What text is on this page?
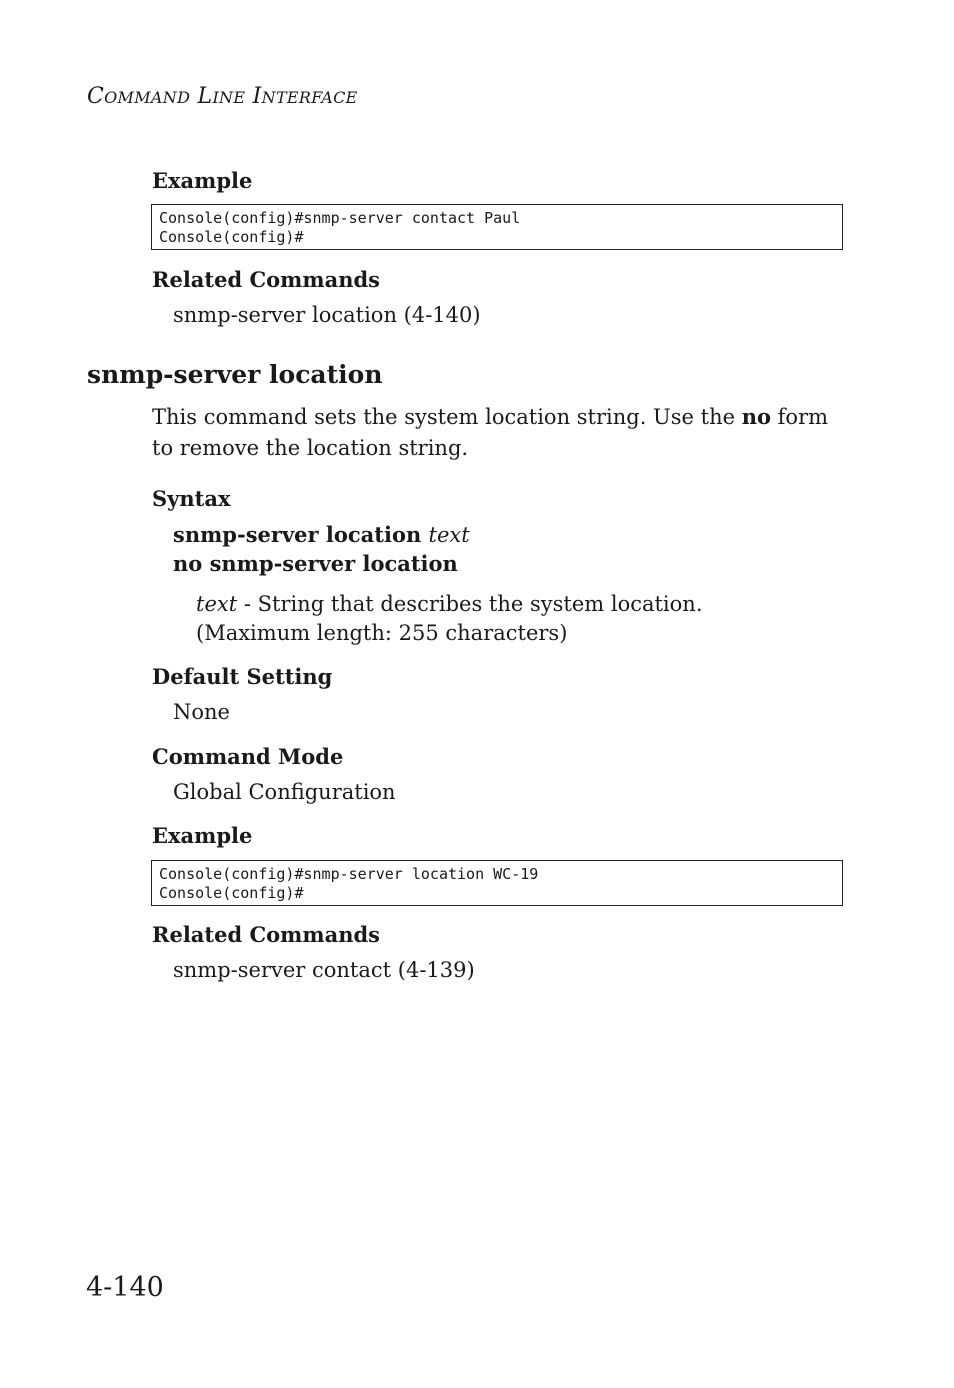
COMMAND LINE INTERFACE
Example
Console(config)#snmp-server contact Paul
Console(config)#
Related Commands
snmp-server location (4-140)
snmp-server location
This command sets the system location string. Use the no form to remove the location string.
Syntax
snmp-server location text
no snmp-server location
text - String that describes the system location.
(Maximum length: 255 characters)
Default Setting
None
Command Mode
Global Configuration
Example
Console(config)#snmp-server location WC-19
Console(config)#
Related Commands
snmp-server contact (4-139)
4-140
